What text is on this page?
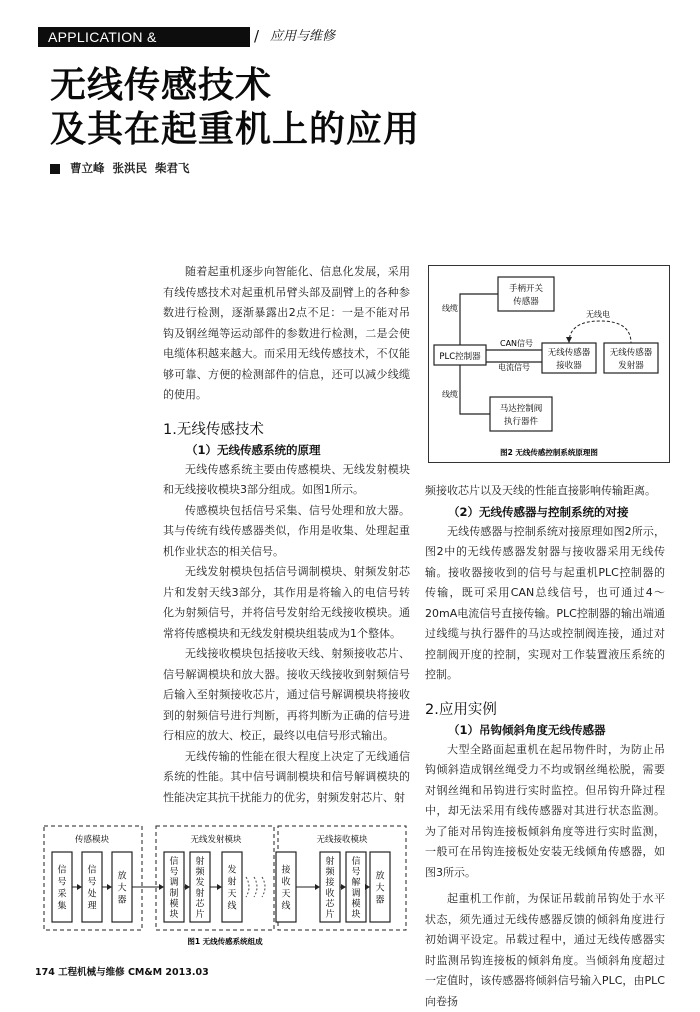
APPLICATION & MAINTENANCE
/ 应用与维修
无线传感技术
及其在起重机上的应用
曹立峰 张洪民 柴君飞

随着起重机逐步向智能化、信息化发展，采用有线传感技术对起重机吊臂头部及副臂上的各种参数进行检测，逐渐暴露出2点不足：一是不能对吊钩及钢丝绳等运动部件的参数进行检测，二是会使电缆体积越来越大。而采用无线传感技术，不仅能够可靠、方便的检测部件的信息，还可以减少线缆的使用。

1.无线传感技术
（1）无线传感系统的原理

无线传感系统主要由传感模块、无线发射模块和无线接收模块3部分组成。如图1所示。

传感模块包括信号采集、信号处理和放大器。其与传统有线传感器类似，作用是收集、处理起重机作业状态的相关信号。

无线发射模块包括信号调制模块、射频发射芯片和发射天线3部分，其作用是将输入的电信号转化为射频信号，并将信号发射给无线接收模块。通常将传感模块和无线发射模块组装成为1个整体。

无线接收模块包括接收天线、射频接收芯片、信号解调模块和放大器。接收天线接收到射频信号后输入至射频接收芯片，通过信号解调模块将接收到的射频信号进行判断，再将判断为正确的信号进行相应的放大、校正，最终以电信号形式输出。

无线传输的性能在很大程度上决定了无线通信系统的性能。其中信号调制模块和信号解调模块的性能决定其抗干扰能力的优劣，射频发射芯片、射

手柄开关
传感器
PLC控制器	无线传感器
接收器
无线传感器
发射器
马达控制阀
执行器件
线缆
线缆
CAN信号
电流信号
无线电
图2 无线传感控制系统原理图

频接收芯片以及天线的性能直接影响传输距离。

（2）无线传感器与控制系统的对接

无线传感器与控制系统对接原理如图2所示，图2中的无线传感器发射器与接收器采用无线传输。接收器接收到的信号与起重机PLC控制器的传输，既可采用CAN总线信号，也可通过4～20mA电流信号直接传输。PLC控制器的输出端通过线缆与执行器件的马达或控制阀连接，通过对控制阀开度的控制，实现对工作装置液压系统的控制。

2.应用实例
（1）吊钩倾斜角度无线传感器

大型全路面起重机在起吊物件时，为防止吊钩倾斜造成钢丝绳受力不均或钢丝绳松脱，需要对钢丝绳和吊钩进行实时监控。但吊钩升降过程中，却无法采用有线传感器对其进行状态监测。为了能对吊钩连接板倾斜角度等进行实时监测，一般可在吊钩连接板处安装无线倾角传感器，如图3所示。

起重机工作前，为保证吊载前吊钩处于水平状态，须先通过无线传感器反馈的倾斜角度进行初始调平设定。吊载过程中，通过无线传感器实时监测吊钩连接板的倾斜角度。当倾斜角度超过一定值时，该传感器将倾斜信号输入PLC，由PLC向卷扬

传感模块	无线发射模块	无线接收模块
信号采集
信号处理
放大器
信号调制模块
射频发射芯片
发射天线
接收天线
射频接收芯片
信号解调模块
放大器
图1 无线传感系统组成
174 工程机械与维修 CM&M 2013.03
